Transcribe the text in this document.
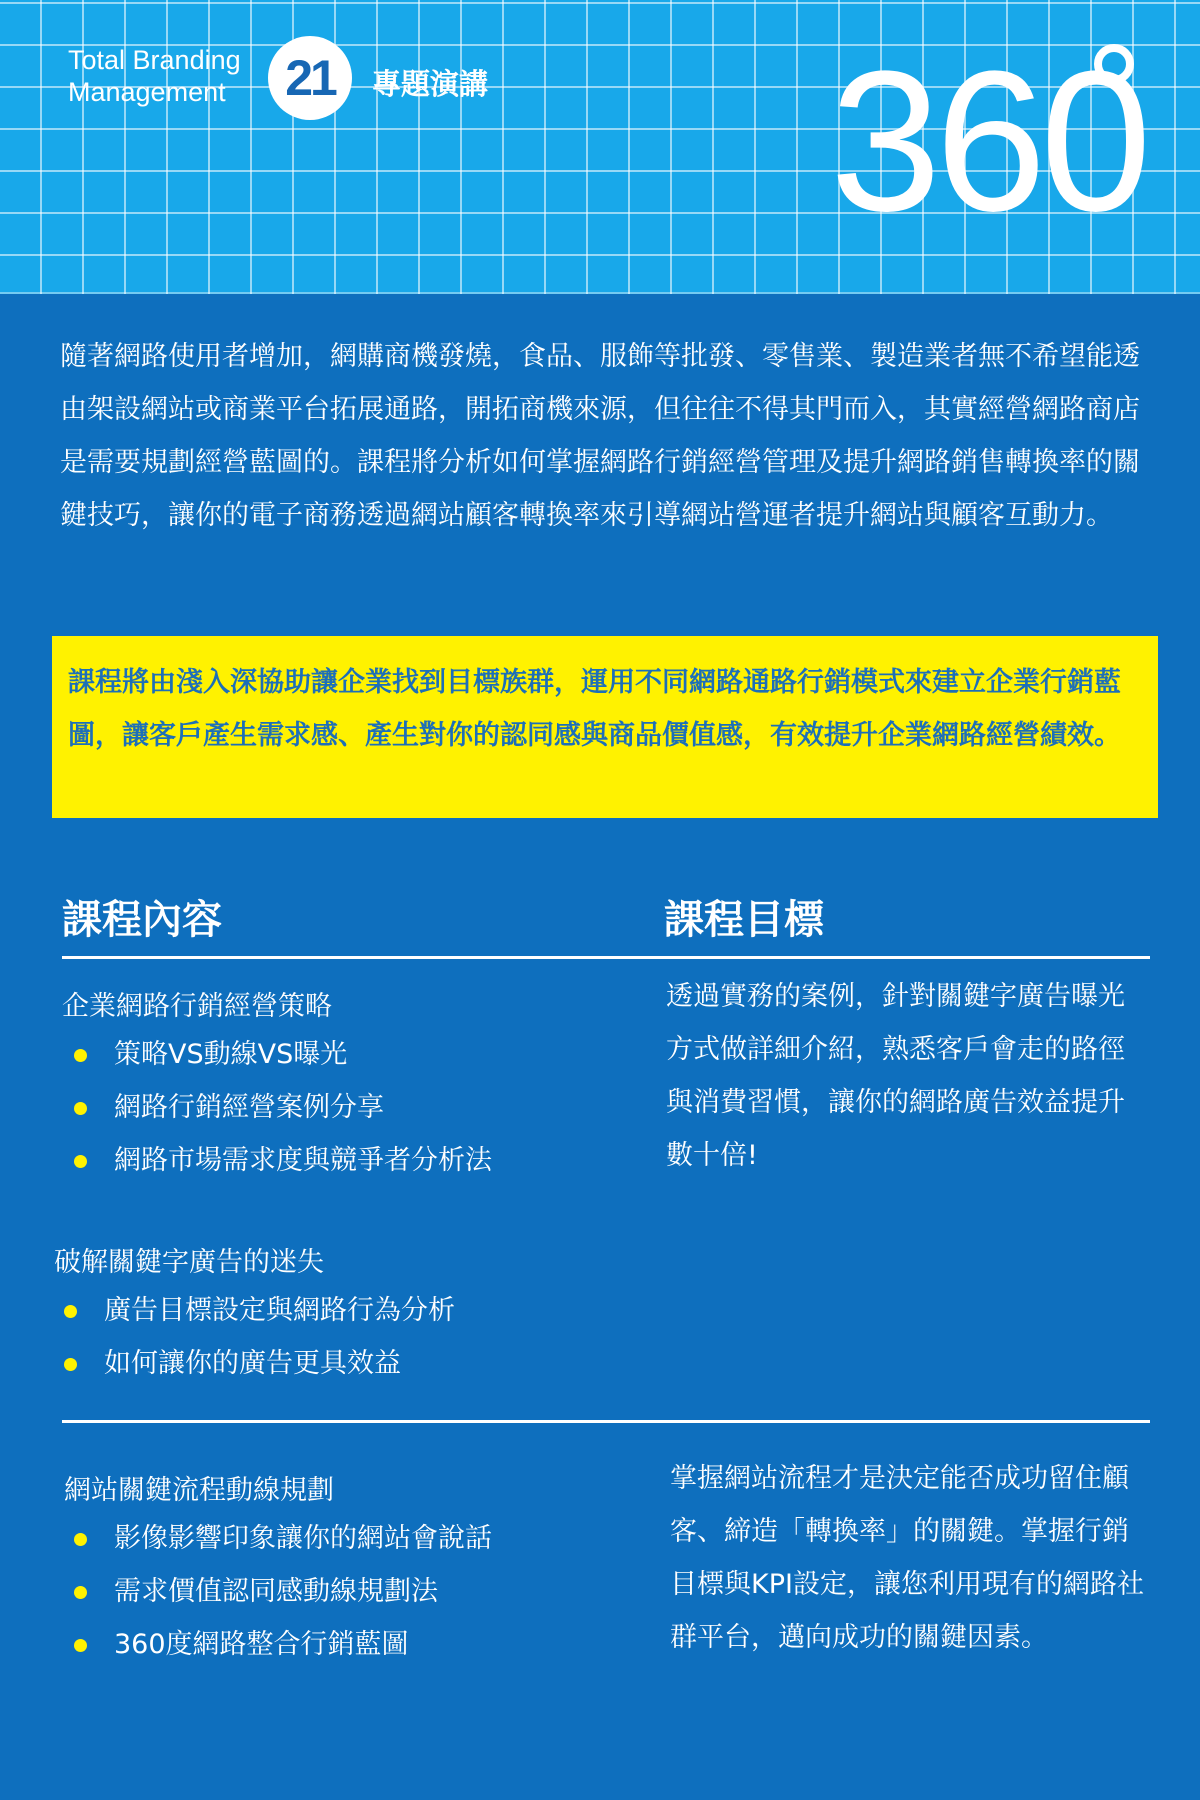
Total Branding
Management	21	專題演講 360
隨著網路使用者增加，網購商機發燒，食品、服飾等批發、零售業、製造業者無不希望能透由架設網站或商業平台拓展通路，開拓商機來源，但往往不得其門而入，其實經營網路商店是需要規劃經營藍圖的。課程將分析如何掌握網路行銷經營管理及提升網路銷售轉換率的關鍵技巧，讓你的電子商務透過網站顧客轉換率來引導網站營運者提升網站與顧客互動力。
課程將由淺入深協助讓企業找到目標族群，運用不同網路通路行銷模式來建立企業行銷藍圖，讓客戶產生需求感、產生對你的認同感與商品價值感，有效提升企業網路經營績效。
課程內容	課程目標
企業網路行銷經營策略
策略VS動線VS曝光
網路行銷經營案例分享
網路市場需求度與競爭者分析法
透過實務的案例，針對關鍵字廣告曝光方式做詳細介紹，熟悉客戶會走的路徑與消費習慣，讓你的網路廣告效益提升數十倍!
破解關鍵字廣告的迷失
廣告目標設定與網路行為分析
如何讓你的廣告更具效益
網站關鍵流程動線規劃
影像影響印象讓你的網站會說話
需求價值認同感動線規劃法
360度網路整合行銷藍圖
掌握網站流程才是決定能否成功留住顧客、締造「轉換率」的關鍵。掌握行銷目標與KPI設定，讓您利用現有的網路社群平台，邁向成功的關鍵因素。
